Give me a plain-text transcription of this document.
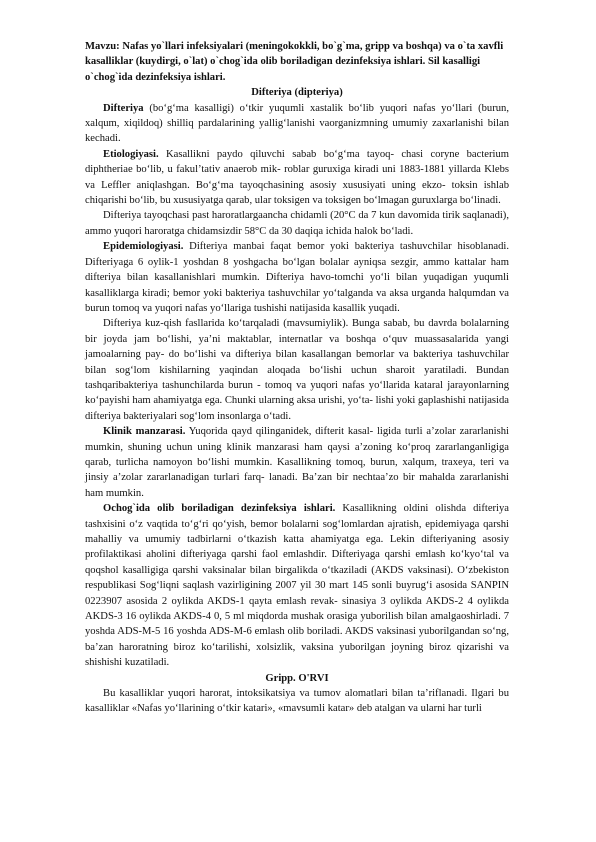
Mavzu: Nafas yo`llari infeksiyalari (meningokokkli, bo`g`ma, gripp va boshqa) va o`ta xavfli kasalliklar (kuydirgi, o`lat) o`chog`ida olib boriladigan dezinfeksiya ishlari. Sil kasalligi o`chog`ida dezinfeksiya ishlari.
Difteriya (dipteriya)

Difteriya (bo‘g‘ma kasalligi) o‘tkir yuqumli xastalik bo‘lib yuqori nafas yo‘llari (burun, xalqum, xiqildoq) shilliq pardalarining yallig‘lanishi vaorganizmning umumiy zaxarlanishi bilan kechadi.

Etiologiyasi. Kasallikni paydo qiluvchi sabab bo‘g‘ma tayoq- chasi coryne bacterium diphtheriae bo‘lib, u fakul’tativ anaerob mik- roblar guruxiga kiradi uni 1883-1881 yillarda Klebs va Leffler aniqlashgan. Bo‘g‘ma tayoqchasining asosiy xususiyati uning ekzo- toksin ishlab chiqarishi bo‘lib, bu xususiyatga qarab, ular toksigen va toksigen bo‘lmagan guruxlarga bo‘linadi.

Difteriya tayoqchasi past haroratlargaancha chidamli (20°C da 7 kun davomida tirik saqlanadi), ammo yuqori haroratga chidamsizdir 58°C da 30 daqiqa ichida halok bo‘ladi.

Epidemiologiyasi. Difteriya manbai faqat bemor yoki bakteriya tashuvchilar hisoblanadi. Difteriyaga 6 oylik-1 yoshdan 8 yoshgacha bo‘lgan bolalar ayniqsa sezgir, ammo kattalar ham difteriya bilan kasallanishlari mumkin. Difteriya havo-tomchi yo‘li bilan yuqadigan yuqumli kasalliklarga kiradi; bemor yoki bakteriya tashuvchilar yo‘talganda va aksa urganda halqumdan va burun tomoq va yuqori nafas yo‘llariga tushishi natijasida kasallik yuqadi.

Difteriya kuz-qish fasllarida ko‘tarqaladi (mavsumiylik). Bunga sabab, bu davrda bolalarning bir joyda jam bo‘lishi, ya’ni maktablar, internatlar va boshqa o‘quv muassasalarida yangi jamoalarning pay- do bo‘lishi va difteriya bilan kasallangan bemorlar va bakteriya tashuvchilar bilan sog‘lom kishilarning yaqindan aloqada bo‘lishi uchun sharoit yaratiladi. Bundan tashqaribakteriya tashunchilarda burun - tomoq va yuqori nafas yo‘llarida kataral jarayonlarning ko‘payishi ham ahamiyatga ega. Chunki ularning aksa urishi, yo‘ta- lishi yoki gaplashishi natijasida difteriya bakteriyalari sog‘lom insonlarga o‘tadi.

Klinik manzarasi. Yuqorida qayd qilinganidek, difterit kasal- ligida turli a’zolar zararlanishi mumkin, shuning uchun uning klinik manzarasi ham qaysi a’zoning ko‘proq zararlanganligiga qarab, turlicha namoyon bo‘lishi mumkin. Kasallikning tomoq, burun, xalqum, traxeya, teri va jinsiy a’zolar zararlanadigan turlari farq- lanadi. Ba’zan bir nechtaa’zo bir mahalda zararlanishi ham mumkin.

Ochog`ida olib boriladigan dezinfeksiya ishlari. Kasallikning oldini olishda difteriya tashxisini o‘z vaqtida to‘g‘ri qo‘yish, bemor bolalarni sog‘lomlardan ajratish, epidemiyaga qarshi mahalliy va umumiy tadbirlarni o‘tkazish katta ahamiyatga ega. Lekin difteriyaning asosiy profilaktikasi aholini difteriyaga qarshi faol emlashdir. Difteriyaga qarshi emlash ko‘kyo‘tal va qoqshol kasalligiga qarshi vaksinalar bilan birgalikda o‘tkaziladi (AKDS vaksinasi). O‘zbekiston respublikasi Sog‘liqni saqlash vazirligining 2007 yil 30 mart 145 sonli buyrug‘i asosida SANPIN 0223907 asosida 2 oylikda AKDS-1 qayta emlash revak- sinasiya 3 oylikda AKDS-2 4 oylikda AKDS-3 16 oylikda AKDS-4 0, 5 ml miqdorda mushak orasiga yuborilish bilan amalgaoshirladi. 7 yoshda ADS-M-5 16 yoshda ADS-M-6 emlash olib boriladi. AKDS vaksinasi yuborilgandan so‘ng, ba’zan haroratning biroz ko‘tarilishi, xolsizlik, vaksina yuborilgan joyning biroz qizarishi va shishishi kuzatiladi.

Gripp. O'RVI

Bu kasalliklar yuqori harorat, intoksikatsiya va tumov alomatlari bilan ta’riflanadi. Ilgari bu kasalliklar «Nafas yo‘llarining o‘tkir katari», «mavsumli katar» deb atalgan va ularni har turli
